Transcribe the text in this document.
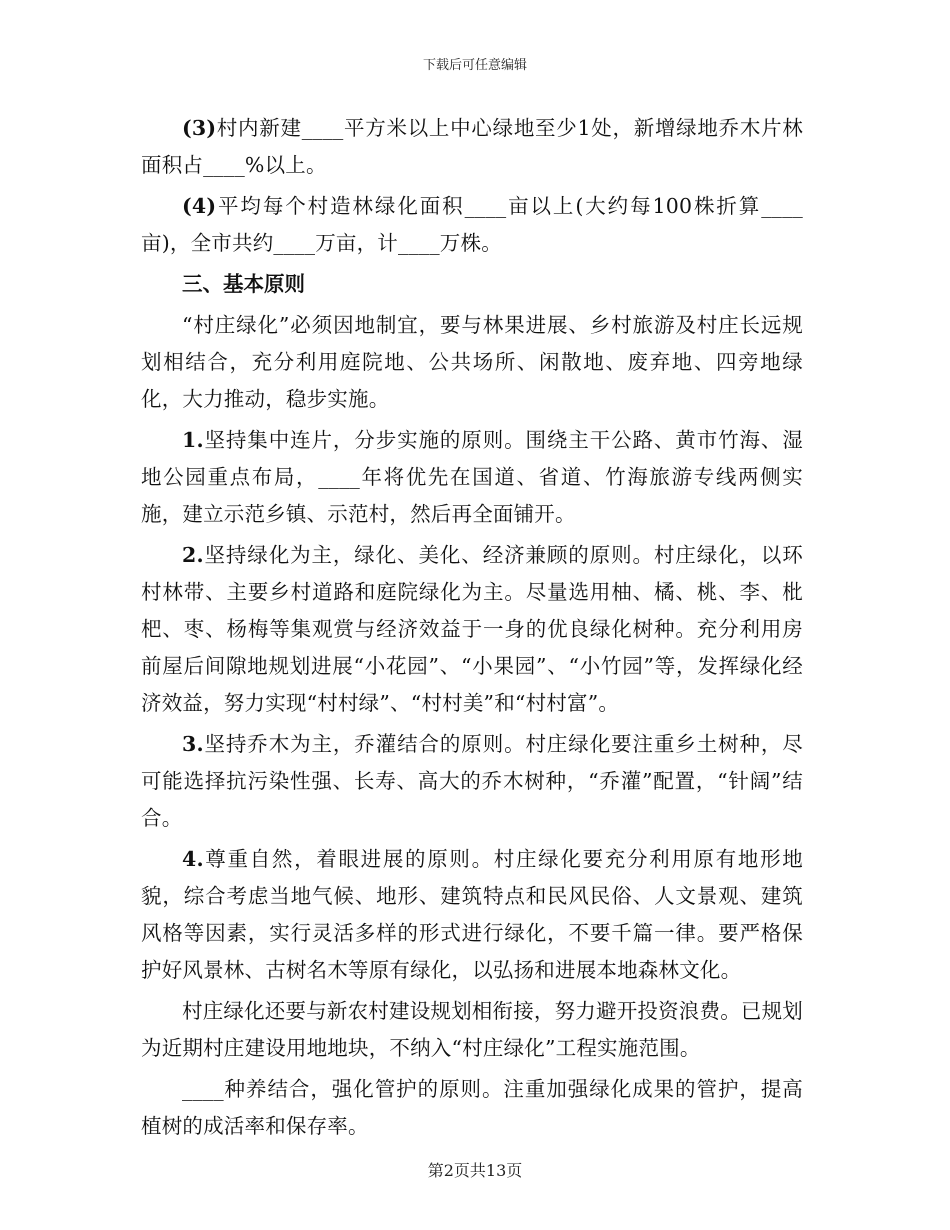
下载后可任意编辑

(3)村内新建____平方米以上中心绿地至少1处，新增绿地乔木片林面积占____%以上。

(4)平均每个村造林绿化面积____亩以上(大约每100株折算____亩)，全市共约____万亩，计____万株。

三、基本原则

“村庄绿化”必须因地制宜，要与林果进展、乡村旅游及村庄长远规划相结合，充分利用庭院地、公共场所、闲散地、废弃地、四旁地绿化，大力推动，稳步实施。

1.坚持集中连片，分步实施的原则。围绕主干公路、黄市竹海、湿地公园重点布局，____年将优先在国道、省道、竹海旅游专线两侧实施，建立示范乡镇、示范村，然后再全面铺开。

2.坚持绿化为主，绿化、美化、经济兼顾的原则。村庄绿化，以环村林带、主要乡村道路和庭院绿化为主。尽量选用柚、橘、桃、李、枇杷、枣、杨梅等集观赏与经济效益于一身的优良绿化树种。充分利用房前屋后间隙地规划进展“小花园”、“小果园”、“小竹园”等，发挥绿化经济效益，努力实现“村村绿”、“村村美”和“村村富”。

3.坚持乔木为主，乔灌结合的原则。村庄绿化要注重乡土树种，尽可能选择抗污染性强、长寿、高大的乔木树种，“乔灌”配置，“针阔”结合。

4.尊重自然，着眼进展的原则。村庄绿化要充分利用原有地形地貌，综合考虑当地气候、地形、建筑特点和民风民俗、人文景观、建筑风格等因素，实行灵活多样的形式进行绿化，不要千篇一律。要严格保护好风景林、古树名木等原有绿化，以弘扬和进展本地森林文化。

村庄绿化还要与新农村建设规划相衔接，努力避开投资浪费。已规划为近期村庄建设用地地块，不纳入“村庄绿化”工程实施范围。

____种养结合，强化管护的原则。注重加强绿化成果的管护，提高植树的成活率和保存率。

第2页共13页
